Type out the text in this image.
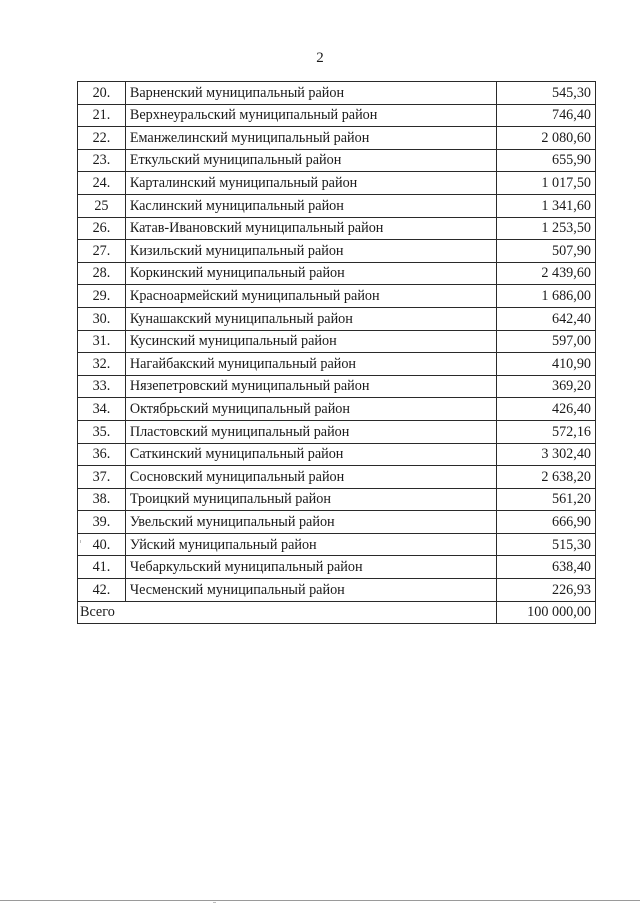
2
20.	Варненский муниципальный район	545,30
21.	Верхнеуральский муниципальный район	746,40
22.	Еманжелинский муниципальный район	2 080,60
23.	Еткульский муниципальный район	655,90
24.	Карталинский муниципальный район	1 017,50
25	Каслинский муниципальный район	1 341,60
26.	Катав-Ивановский муниципальный район	1 253,50
27.	Кизильский муниципальный район	507,90
28.	Коркинский муниципальный район	2 439,60
29.	Красноармейский муниципальный район	1 686,00
30.	Кунашакский муниципальный район	642,40
31.	Кусинский муниципальный район	597,00
32.	Нагайбакский муниципальный район	410,90
33.	Нязепетровский муниципальный район	369,20
34.	Октябрьский муниципальный район	426,40
35.	Пластовский муниципальный район	572,16
36.	Саткинский муниципальный район	3 302,40
37.	Сосновский муниципальный район	2 638,20
38.	Троицкий муниципальный район	561,20
39.	Увельский муниципальный район	666,90
40.	Уйский муниципальный район	515,30
41.	Чебаркульский муниципальный район	638,40
42.	Чесменский муниципальный район	226,93
Всего		100 000,00
